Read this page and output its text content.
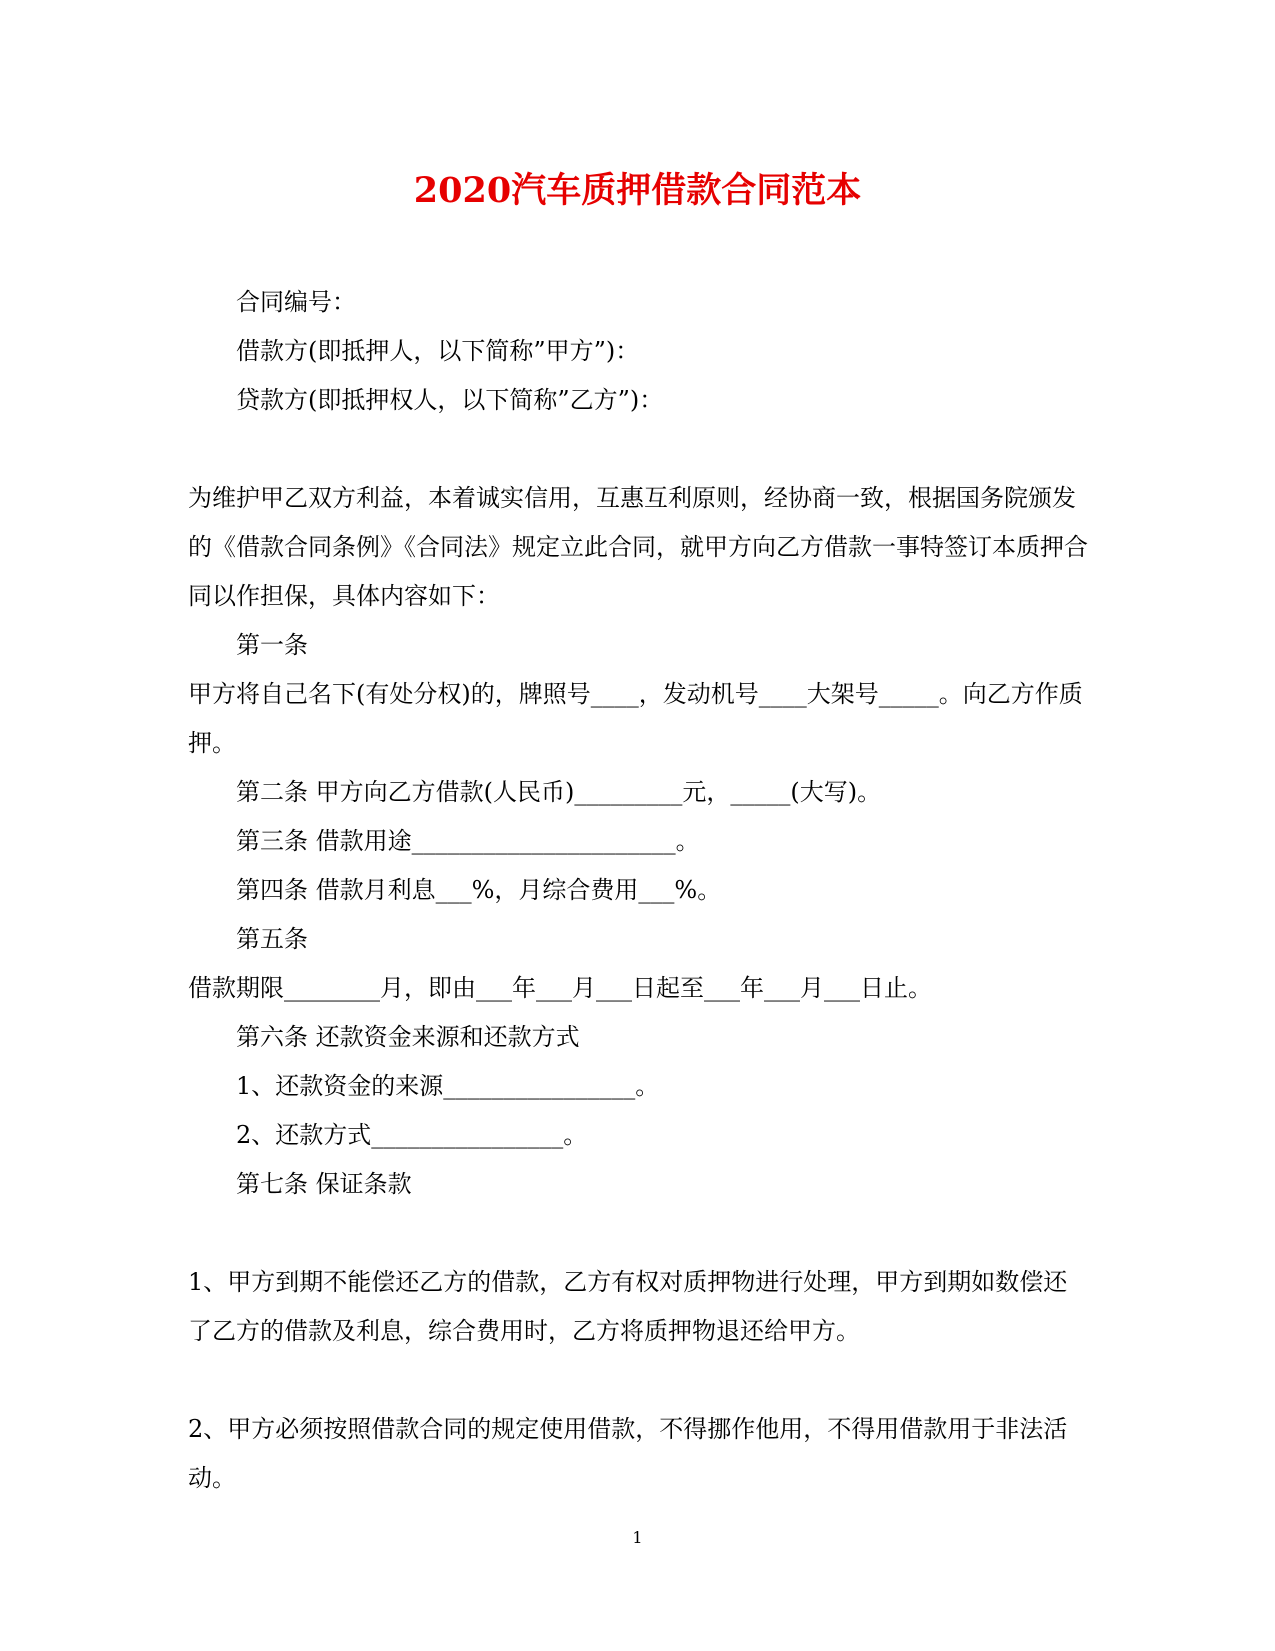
2020汽车质押借款合同范本

合同编号：

借款方(即抵押人，以下简称”甲方”)：

贷款方(即抵押权人，以下简称”乙方”)：

为维护甲乙双方利益，本着诚实信用，互惠互利原则，经协商一致，根据国务院颁发的《借款合同条例》《合同法》规定立此合同，就甲方向乙方借款一事特签订本质押合同以作担保，具体内容如下：

第一条

甲方将自己名下(有处分权)的，牌照号____，发动机号____大架号_____。向乙方作质押。

第二条 甲方向乙方借款(人民币)_________元，_____(大写)。

第三条 借款用途______________________。

第四条 借款月利息___%，月综合费用___%。

第五条

借款期限________月，即由___年___月___日起至___年___月___日止。

第六条 还款资金来源和还款方式

1、还款资金的来源________________。

2、还款方式________________。

第七条 保证条款

1、甲方到期不能偿还乙方的借款，乙方有权对质押物进行处理，甲方到期如数偿还了乙方的借款及利息，综合费用时，乙方将质押物退还给甲方。

2、甲方必须按照借款合同的规定使用借款，不得挪作他用，不得用借款用于非法活动。

1
